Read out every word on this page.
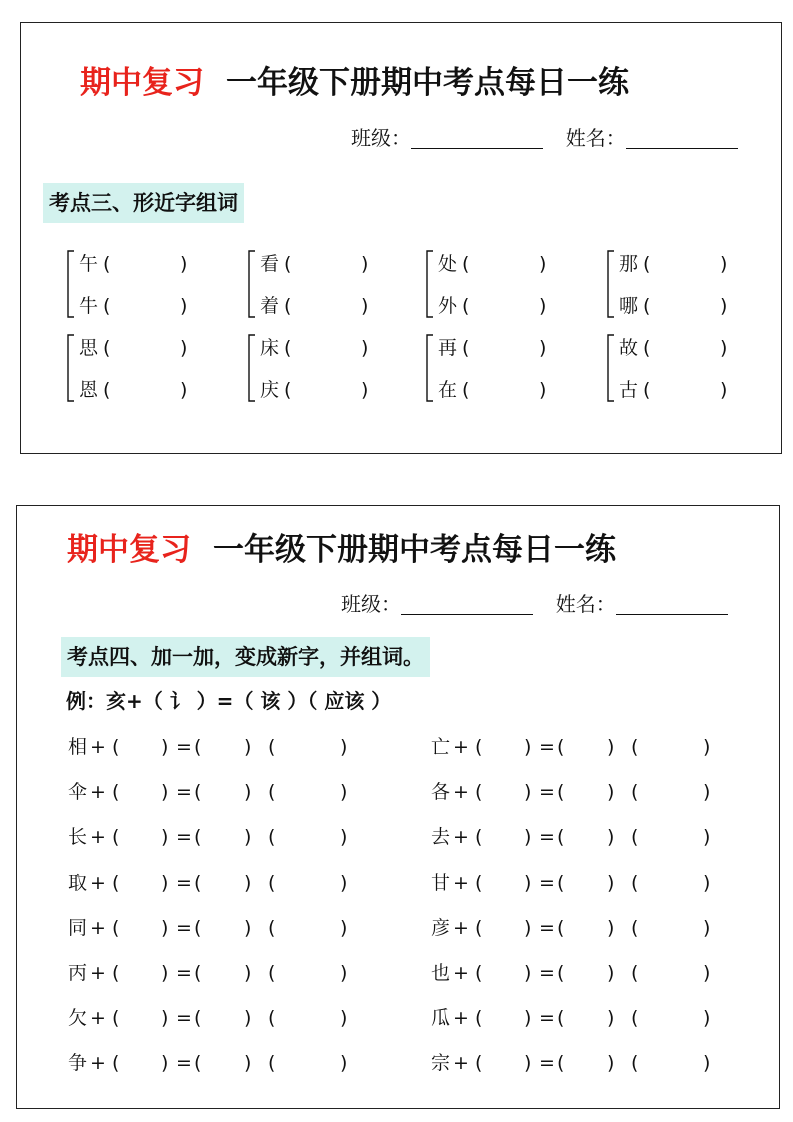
期中复习 一年级下册期中考点每日一练
班级：	姓名：
考点三、形近字组词
午 (	)
牛 (	)
看 (	)
着 (	)
处 (	)
外 (	)
那 (	)
哪 (	)
思 (	)
恩 (	)
床 (	)
庆 (	)
再 (	)
在 (	)
故 (	)
古 (	)
期中复习 一年级下册期中考点每日一练
班级：	姓名：
考点四、加一加，变成新字，并组词。
例：亥+（ 讠 ）=（ 该 ）（ 应该 ）
相 + ( ) = ( ) (	)
伞 + ( ) = ( ) (	)
长 + ( ) = ( ) (	)
取 + ( ) = ( ) (	)
同 + ( ) = ( ) (	)
丙 + ( ) = ( ) (	)
欠 + ( ) = ( ) (	)
争 + ( ) = ( ) (	)
亡 + ( ) = ( ) (	)
各 + ( ) = ( ) (	)
去 + ( ) = ( ) (	)
甘 + ( ) = ( ) (	)
彦 + ( ) = ( ) (	)
也 + ( ) = ( ) (	)
瓜 + ( ) = ( ) (	)
宗 + ( ) = ( ) (	)
